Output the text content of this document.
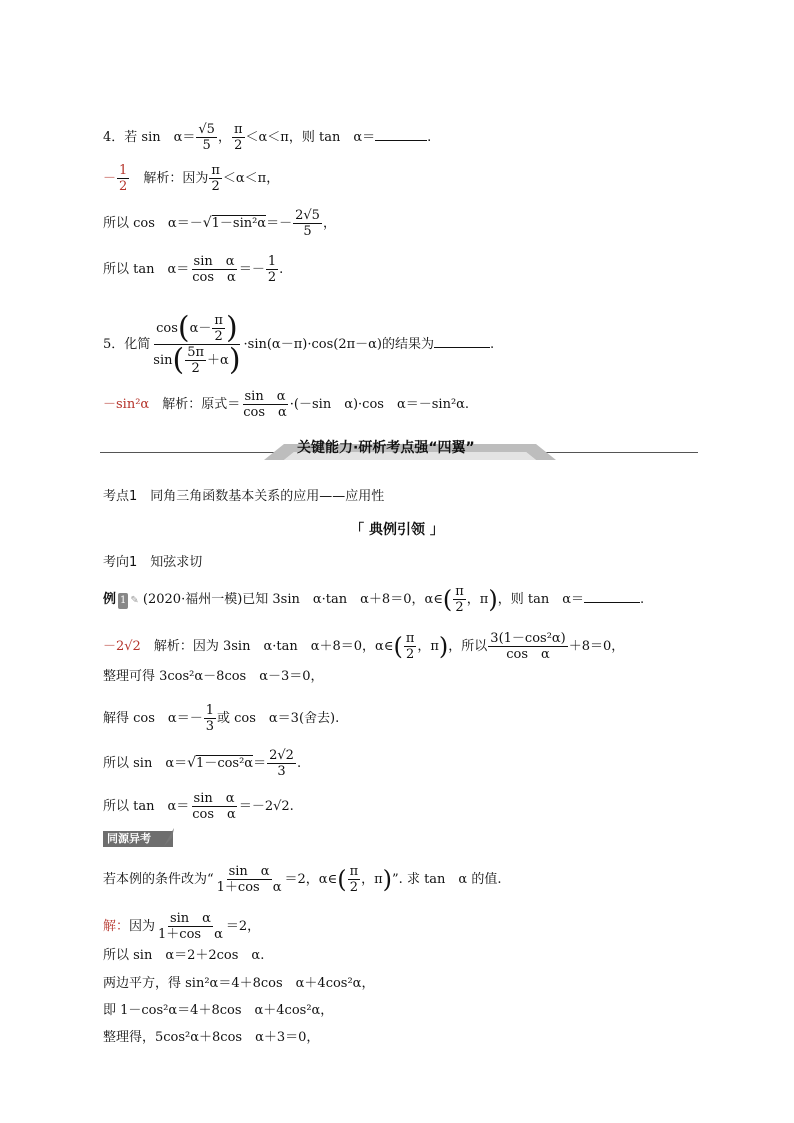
4．若 sin　$\alpha= \frac{√5}{5}$ ， $\frac{\pi}{2} <\alpha<\pi$，则 tan　α＝	.
－ $\frac{1}{2}$
　 解析：因为 $\frac{\pi}{2} <\alpha<\pi$，
所以 cos　$\alpha=-√1-\sin^2\alpha=- \frac{2√5}{5}$ ，
所以 tan　$\alpha= \frac{\text{sin　α}}{\text{cos　α}} =- \frac{1}{2}$ .
5．化简 $\frac{\cos(\alpha- \frac{\pi}{2} )}{\sin( \frac{5\pi}{2} +\alpha)} \cdot\sin(\alpha-\pi)\cdot\cos(2\pi-\alpha)$的结果为	.
－sin²α　 解析：原式＝ $\frac{\text{sin　α}}{\text{cos　α}} \cdot(-\sin$　α)·cos　α＝－sin²α.
关键能力·研析考点强“四翼”
考点1　同角三角函数基本关系的应用——应用性
「 典例引领 」
考向1　知弦求切
例 1 ✎ (2020·福州一模)已知 3sin　α·tan　α＋8＝0，α∈( $\frac{\pi}{2}$ ，π)，则 tan　α＝	.
－2√2　 解析：因为 3sin　α·tan　α＋8＝0，α∈( $\frac{\pi}{2}$ ，π)，所以 $\frac{\text{3(1－cos²α)}}{\text{cos　α}} +8=0$，
整理可得 3cos²α－8cos　α－3＝0，
解得 cos　$\alpha=- \frac{1}{3}$ 或 cos　α＝3(舍去).
所以 sin　$\alpha=√1-\cos^2\alpha= \frac{2√2}{3}$ .
所以 tan　$\alpha= \frac{\text{sin　α}}{\text{cos　α}} =-2√2$.
同源异考
若本例的条件改为“ $\frac{\text{sin　α}}{\text{1＋cos　α}} =2$，α∈( $\frac{\pi}{2}$ ，π)”. 求 tan　α 的值.
解：因为 $\frac{\text{sin　α}}{\text{1＋cos　α}} =2$，
所以 sin　α＝2＋2cos　α.
两边平方，得 sin²α＝4＋8cos　α＋4cos²α，
即 1－cos²α＝4＋8cos　α＋4cos²α，
整理得，5cos²α＋8cos　α＋3＝0，
